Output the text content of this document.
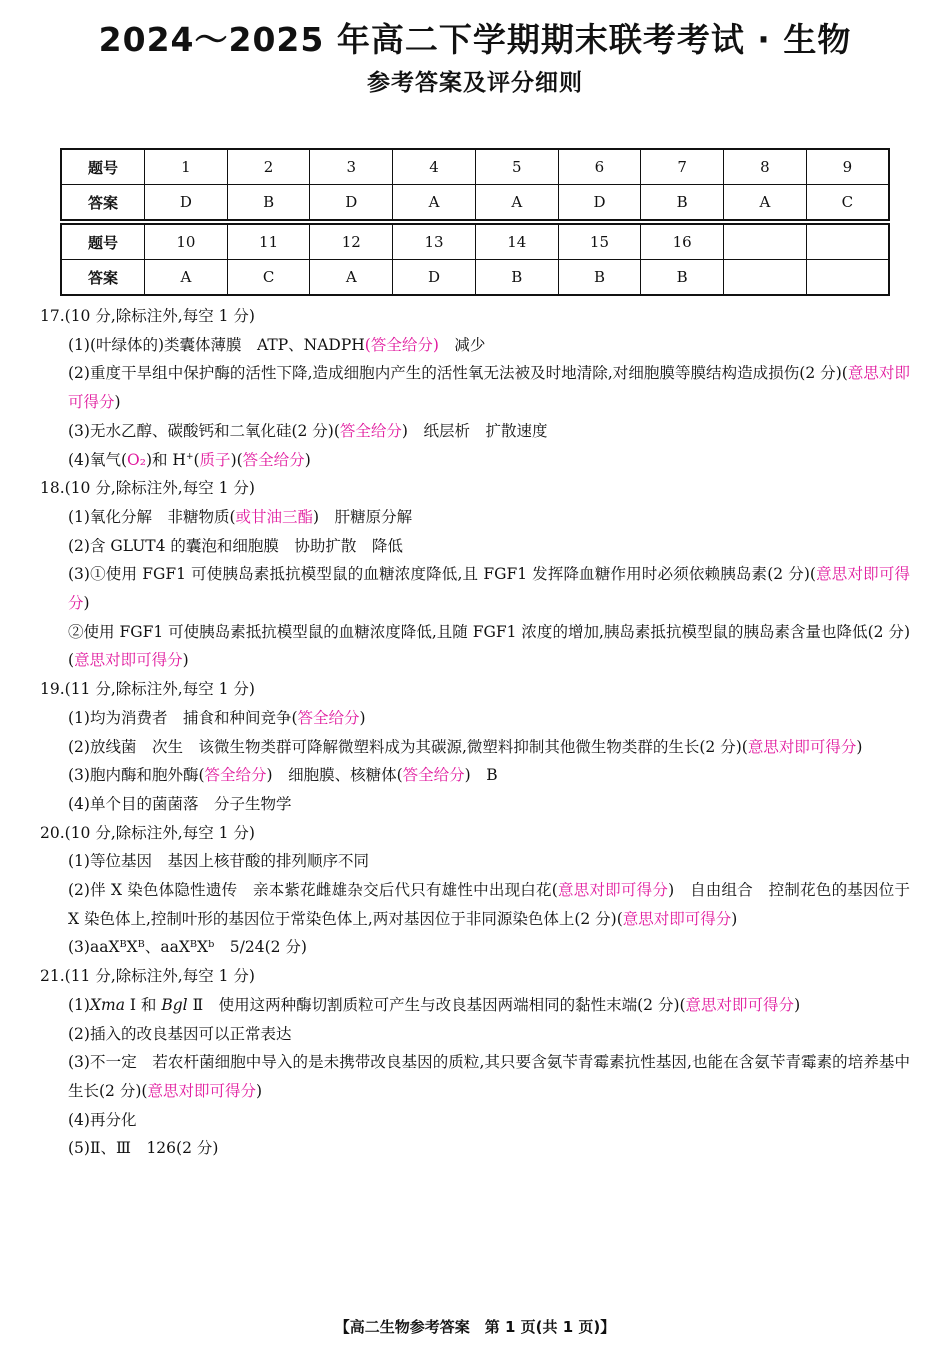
2024～2025 年高二下学期期末联考考试 · 生物
参考答案及评分细则
题号	1	2	3	4	5	6	7	8	9
答案	D	B	D	A	A	D	B	A	C
题号	10	11	12	13	14	15	16		
答案	A	C	A	D	B	B	B		

17.(10 分,除标注外,每空 1 分)

(1)(叶绿体的)类囊体薄膜　ATP、NADPH(答全给分)　减少

(2)重度干旱组中保护酶的活性下降,造成细胞内产生的活性氧无法被及时地清除,对细胞膜等膜结构造成损伤(2 分)(意思对即可得分)

(3)无水乙醇、碳酸钙和二氧化硅(2 分)(答全给分)　纸层析　扩散速度

(4)氧气(O₂)和 H+(质子)(答全给分)

18.(10 分,除标注外,每空 1 分)

(1)氧化分解　非糖物质(或甘油三酯)　肝糖原分解

(2)含 GLUT4 的囊泡和细胞膜　协助扩散　降低

(3)①使用 FGF1 可使胰岛素抵抗模型鼠的血糖浓度降低,且 FGF1 发挥降血糖作用时必须依赖胰岛素(2 分)(意思对即可得分)

②使用 FGF1 可使胰岛素抵抗模型鼠的血糖浓度降低,且随 FGF1 浓度的增加,胰岛素抵抗模型鼠的胰岛素含量也降低(2 分)(意思对即可得分)

19.(11 分,除标注外,每空 1 分)

(1)均为消费者　捕食和种间竞争(答全给分)

(2)放线菌　次生　该微生物类群可降解微塑料成为其碳源,微塑料抑制其他微生物类群的生长(2 分)(意思对即可得分)

(3)胞内酶和胞外酶(答全给分)　细胞膜、核糖体(答全给分)　B

(4)单个目的菌菌落　分子生物学

20.(10 分,除标注外,每空 1 分)

(1)等位基因　基因上核苷酸的排列顺序不同

(2)伴 X 染色体隐性遗传　亲本紫花雌雄杂交后代只有雄性中出现白花(意思对即可得分)　自由组合　控制花色的基因位于 X 染色体上,控制叶形的基因位于常染色体上,两对基因位于非同源染色体上(2 分)(意思对即可得分)

(3)aaXᴮXᴮ、aaXᴮXᵇ　5/24(2 分)

21.(11 分,除标注外,每空 1 分)

(1)Xma Ⅰ 和 Bgl Ⅱ　使用这两种酶切割质粒可产生与改良基因两端相同的黏性末端(2 分)(意思对即可得分)

(2)插入的改良基因可以正常表达

(3)不一定　若农杆菌细胞中导入的是未携带改良基因的质粒,其只要含氨苄青霉素抗性基因,也能在含氨苄青霉素的培养基中生长(2 分)(意思对即可得分)

(4)再分化

(5)Ⅱ、Ⅲ　126(2 分)

【高二生物参考答案　第 1 页(共 1 页)】
